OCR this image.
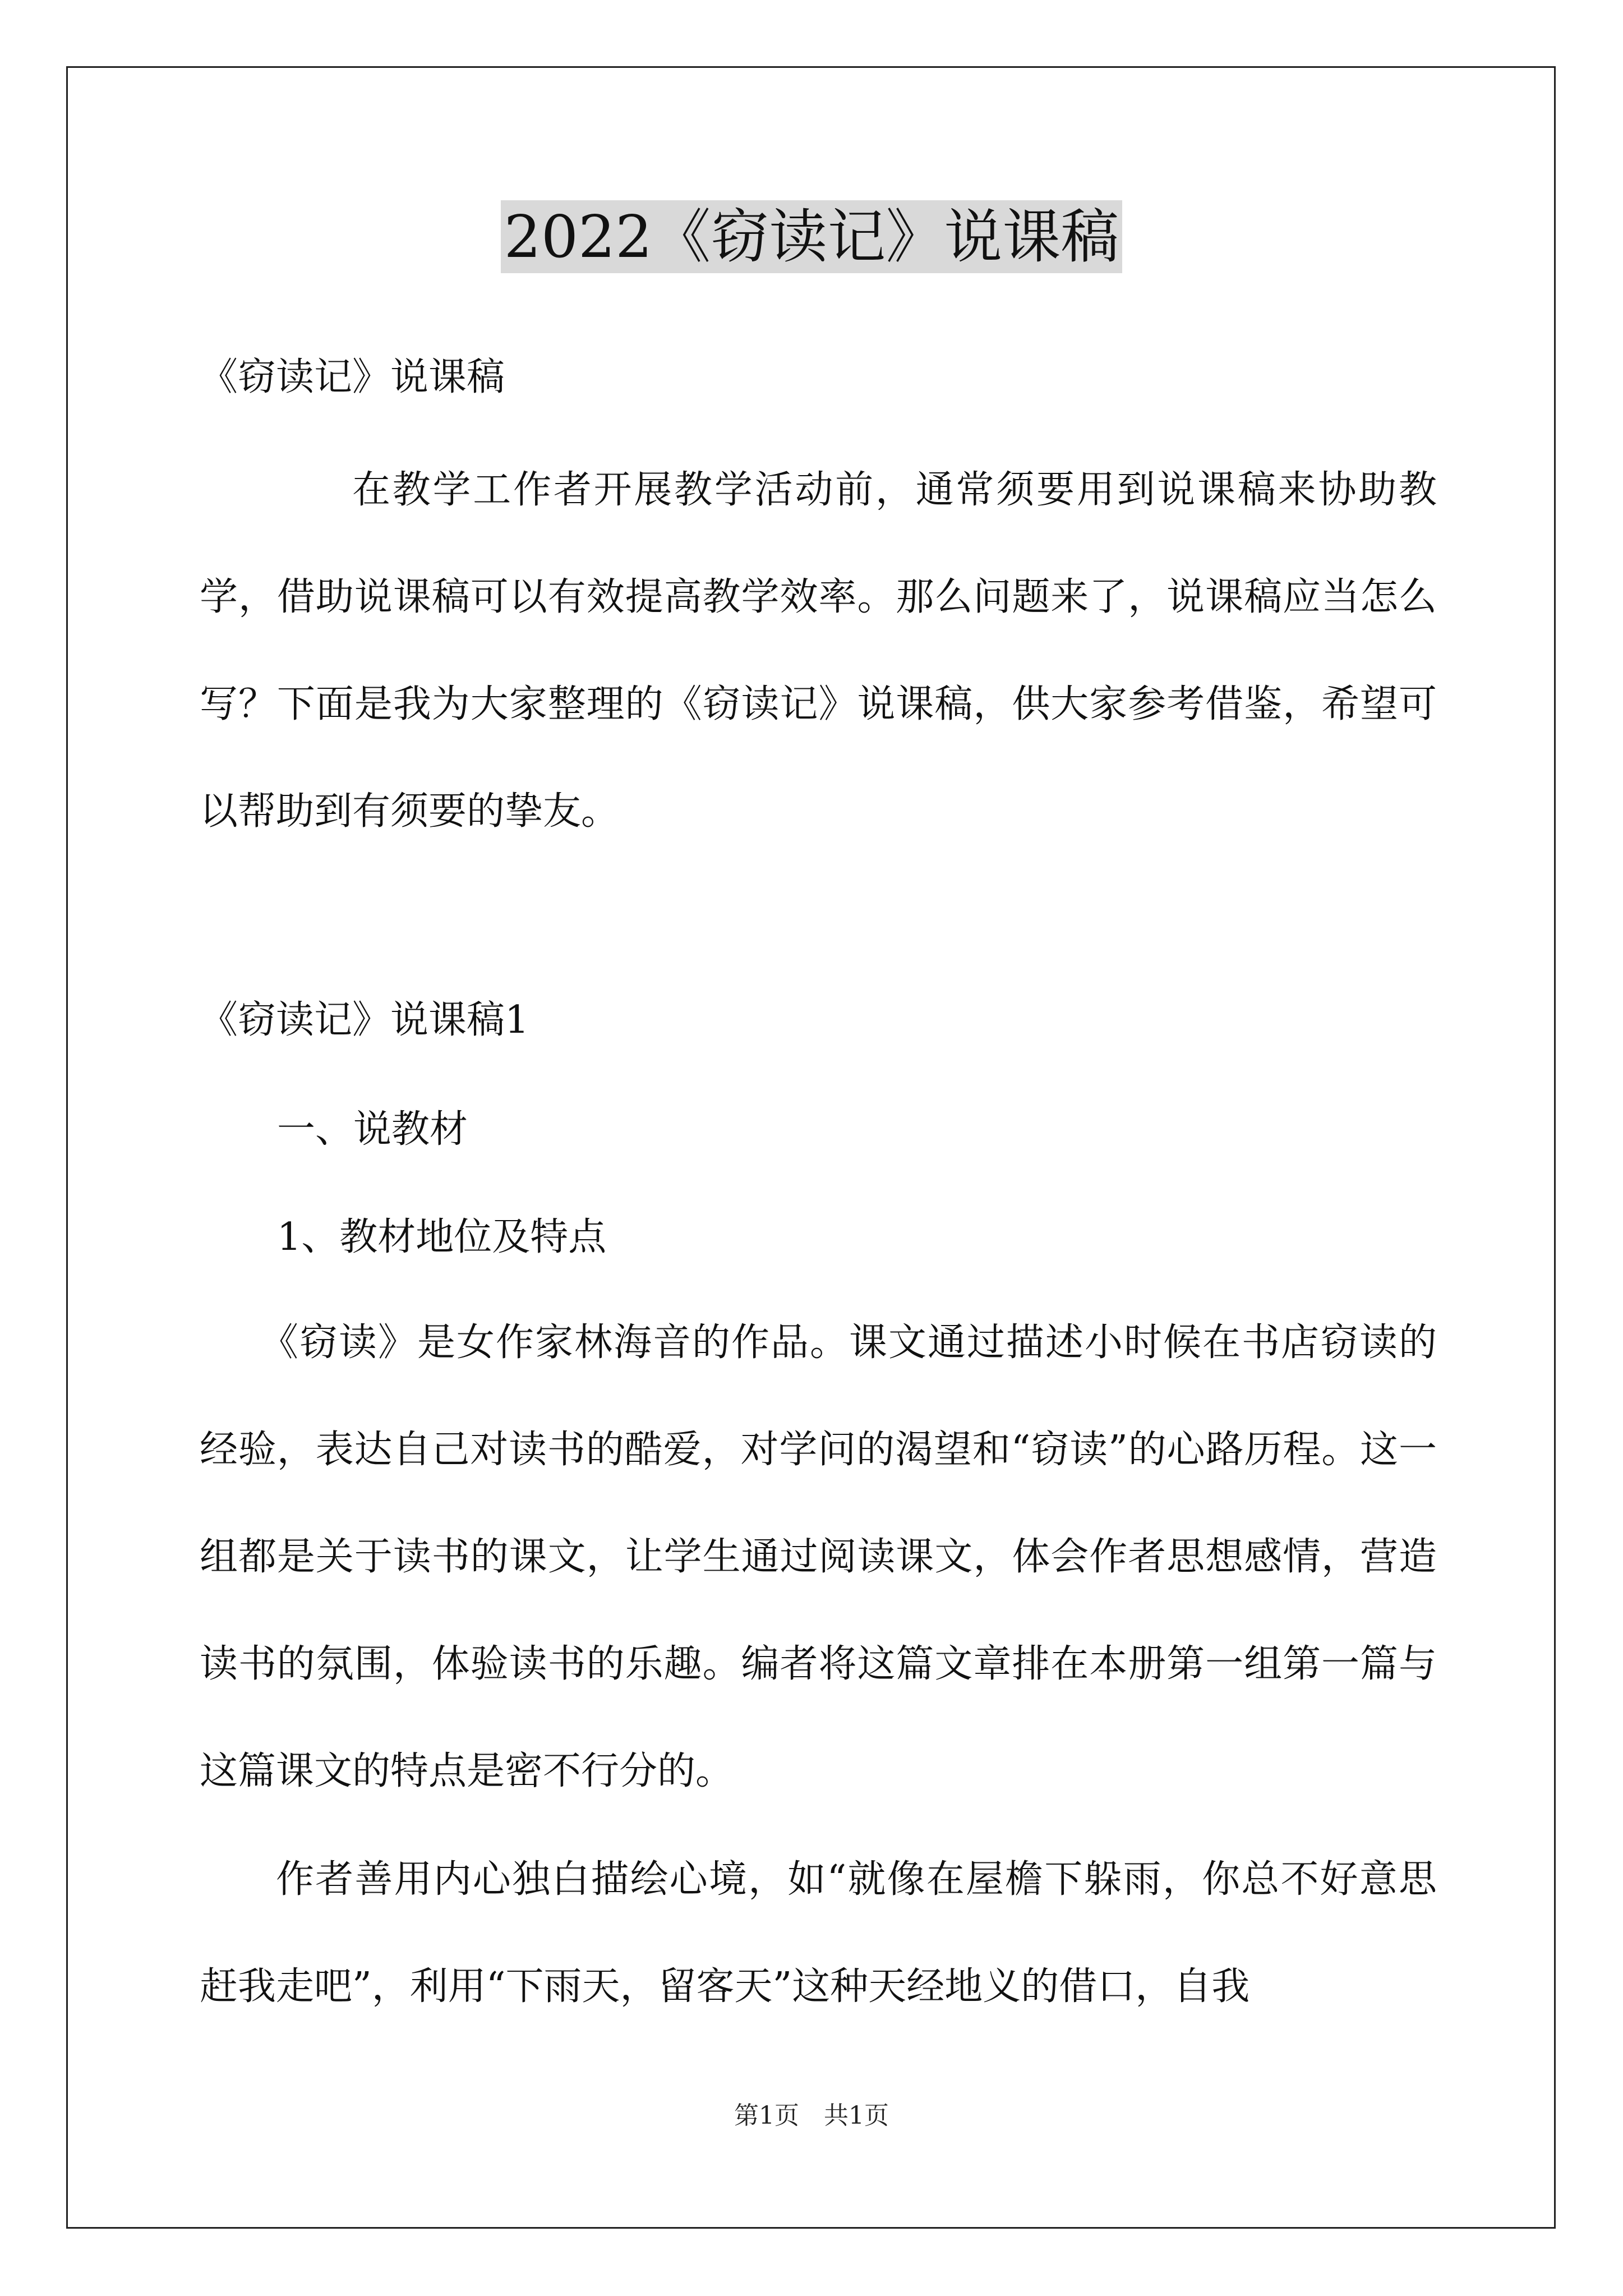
2022《窃读记》说课稿
《窃读记》说课稿

在教学工作者开展教学活动前，通常须要用到说课稿来协助教学，借助说课稿可以有效提高教学效率。那么问题来了，说课稿应当怎么写？下面是我为大家整理的《窃读记》说课稿，供大家参考借鉴，希望可以帮助到有须要的挚友。

《窃读记》说课稿1
一、说教材
1、教材地位及特点

《窃读》是女作家林海音的作品。课文通过描述小时候在书店窃读的经验，表达自己对读书的酷爱，对学问的渴望和“窃读”的心路历程。这一组都是关于读书的课文，让学生通过阅读课文，体会作者思想感情，营造读书的氛围，体验读书的乐趣。编者将这篇文章排在本册第一组第一篇与这篇课文的特点是密不行分的。

作者善用内心独白描绘心境，如“就像在屋檐下躲雨，你总不好意思赶我走吧”，利用“下雨天，留客天”这种天经地义的借口，自我

第1页　共1页
